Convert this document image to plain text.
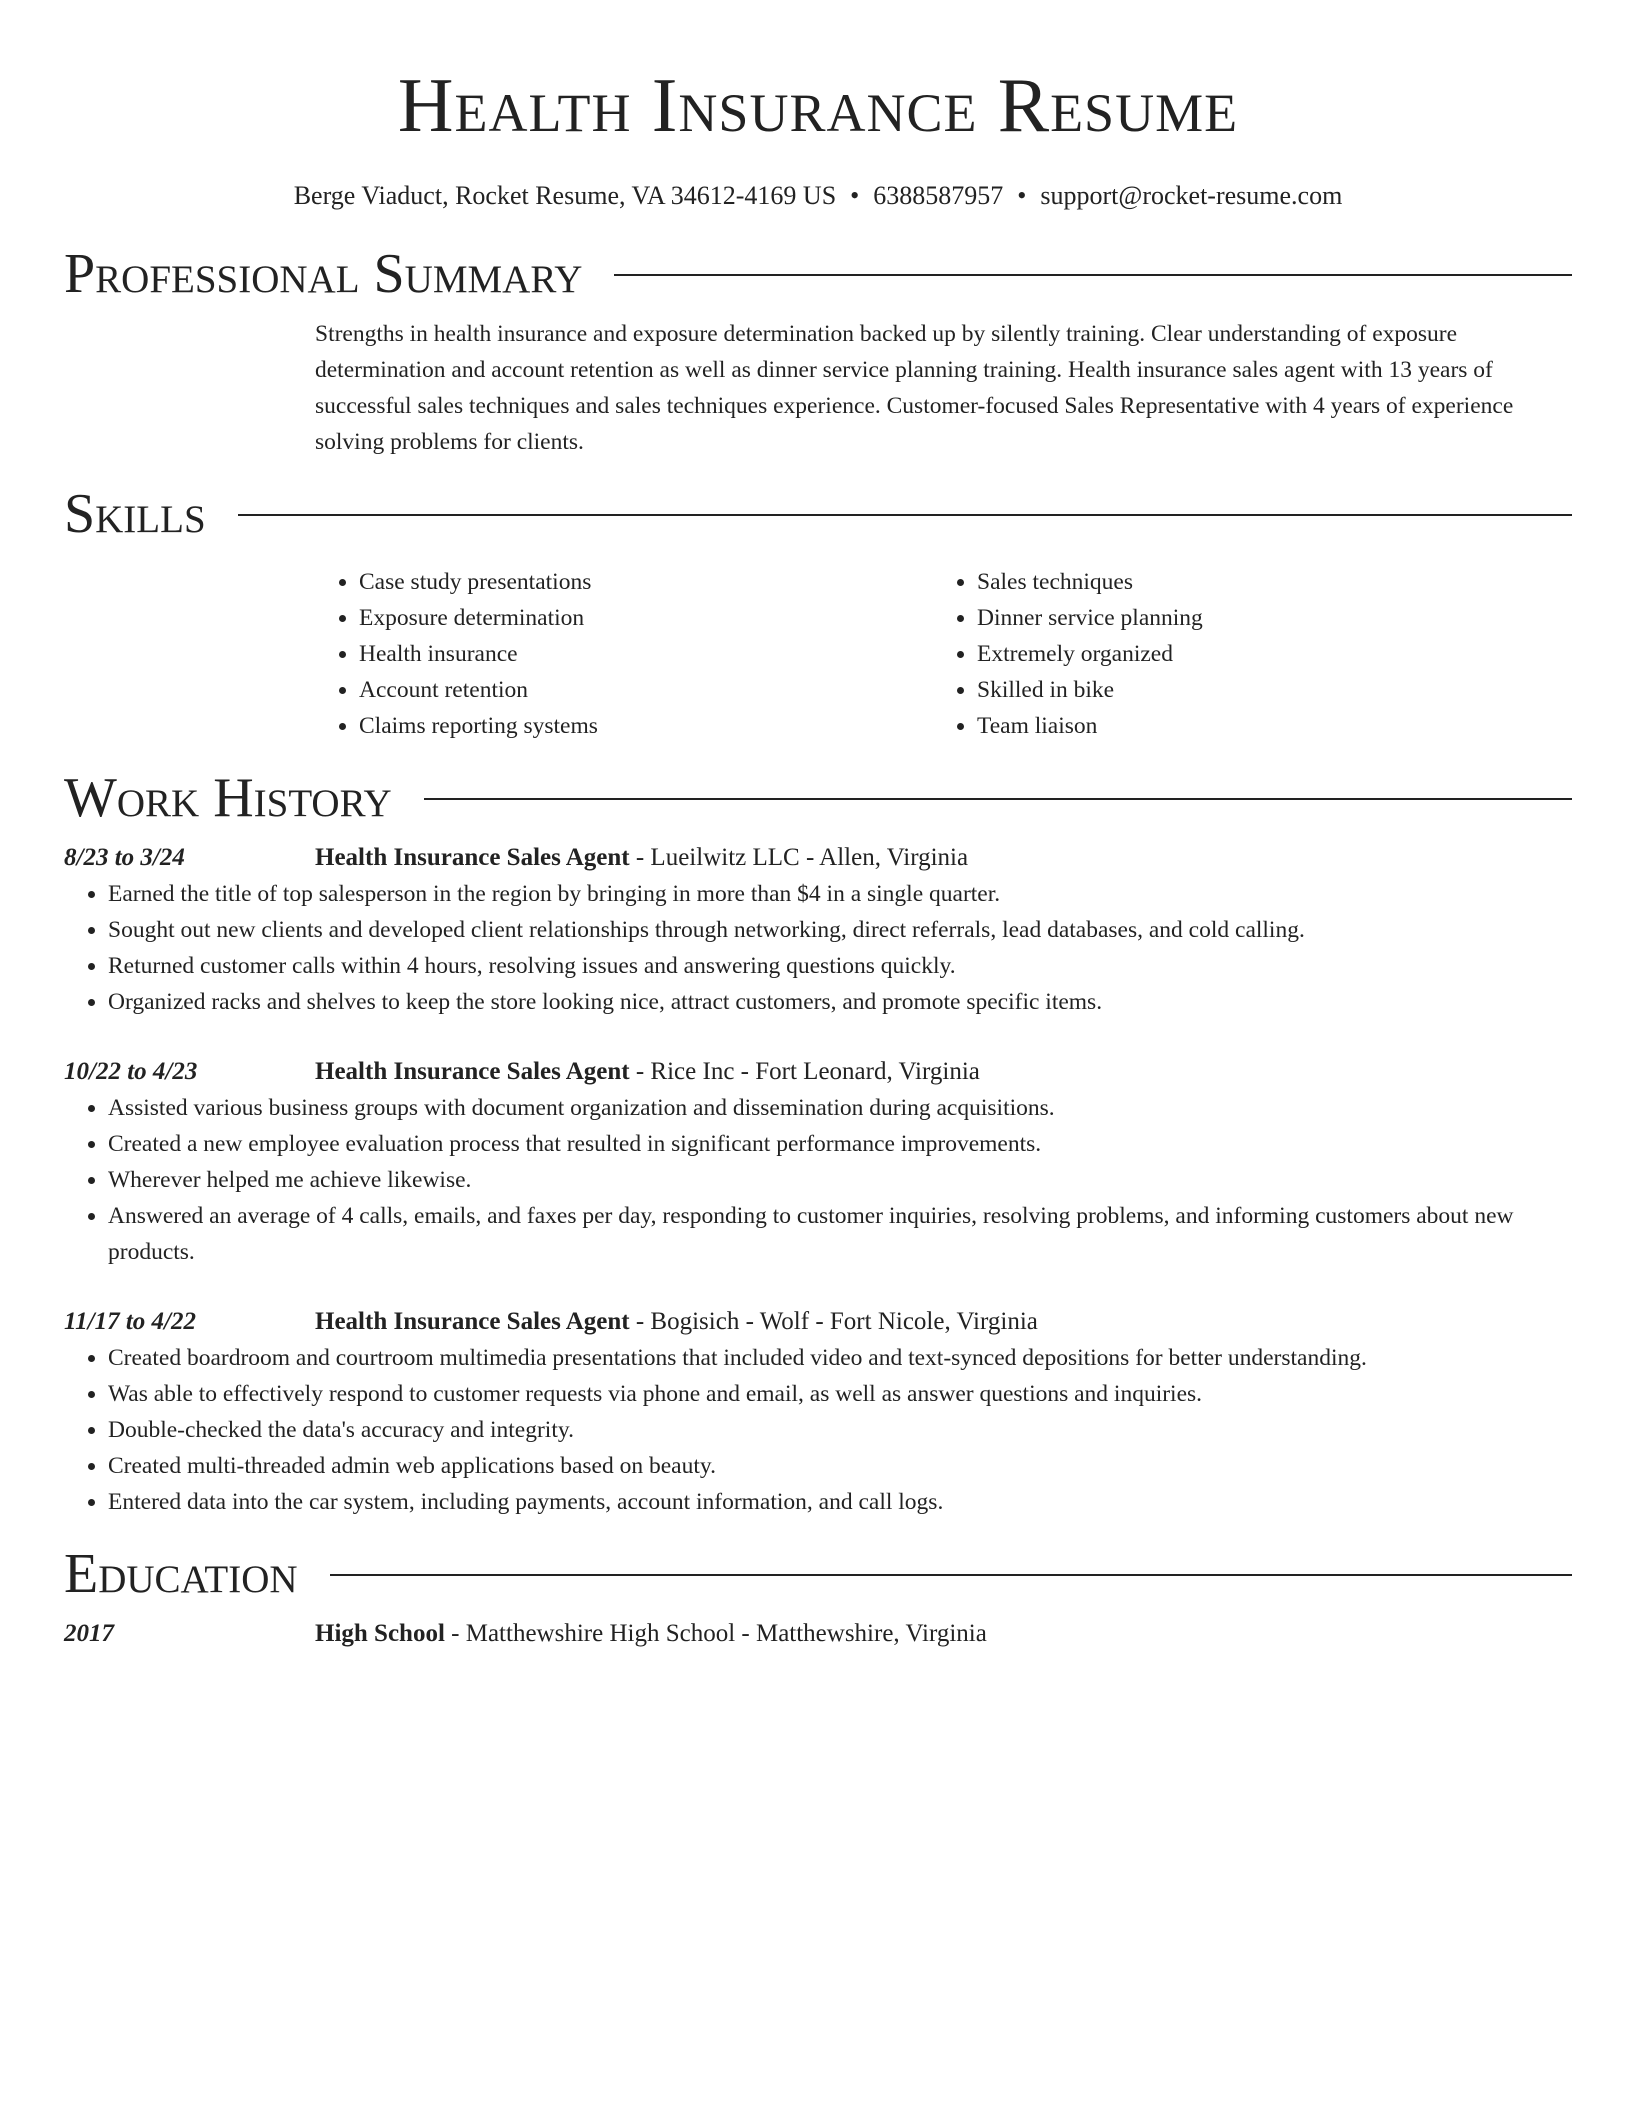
Health Insurance Resume
Berge Viaduct, Rocket Resume, VA 34612-4169 US • 6388587957 • support@rocket-resume.com
Professional Summary

Strengths in health insurance and exposure determination backed up by silently training. Clear understanding of exposure determination and account retention as well as dinner service planning training. Health insurance sales agent with 13 years of successful sales techniques and sales techniques experience. Customer-focused Sales Representative with 4 years of experience solving problems for clients.

Skills
• Case study presentations
• Exposure determination
• Health insurance
• Account retention
• Claims reporting systems
• Sales techniques
• Dinner service planning
• Extremely organized
• Skilled in bike
• Team liaison
Work History
8/23 to 3/24	Health Insurance Sales Agent - Lueilwitz LLC - Allen, Virginia
• Earned the title of top salesperson in the region by bringing in more than $4 in a single quarter.
• Sought out new clients and developed client relationships through networking, direct referrals, lead databases, and cold calling.
• Returned customer calls within 4 hours, resolving issues and answering questions quickly.
• Organized racks and shelves to keep the store looking nice, attract customers, and promote specific items.
10/22 to 4/23	Health Insurance Sales Agent - Rice Inc - Fort Leonard, Virginia
• Assisted various business groups with document organization and dissemination during acquisitions.
• Created a new employee evaluation process that resulted in significant performance improvements.
• Wherever helped me achieve likewise.
• Answered an average of 4 calls, emails, and faxes per day, responding to customer inquiries, resolving problems, and informing customers about new products.
11/17 to 4/22	Health Insurance Sales Agent - Bogisich - Wolf - Fort Nicole, Virginia
• Created boardroom and courtroom multimedia presentations that included video and text-synced depositions for better understanding.
• Was able to effectively respond to customer requests via phone and email, as well as answer questions and inquiries.
• Double-checked the data's accuracy and integrity.
• Created multi-threaded admin web applications based on beauty.
• Entered data into the car system, including payments, account information, and call logs.
Education
2017	High School - Matthewshire High School - Matthewshire, Virginia
